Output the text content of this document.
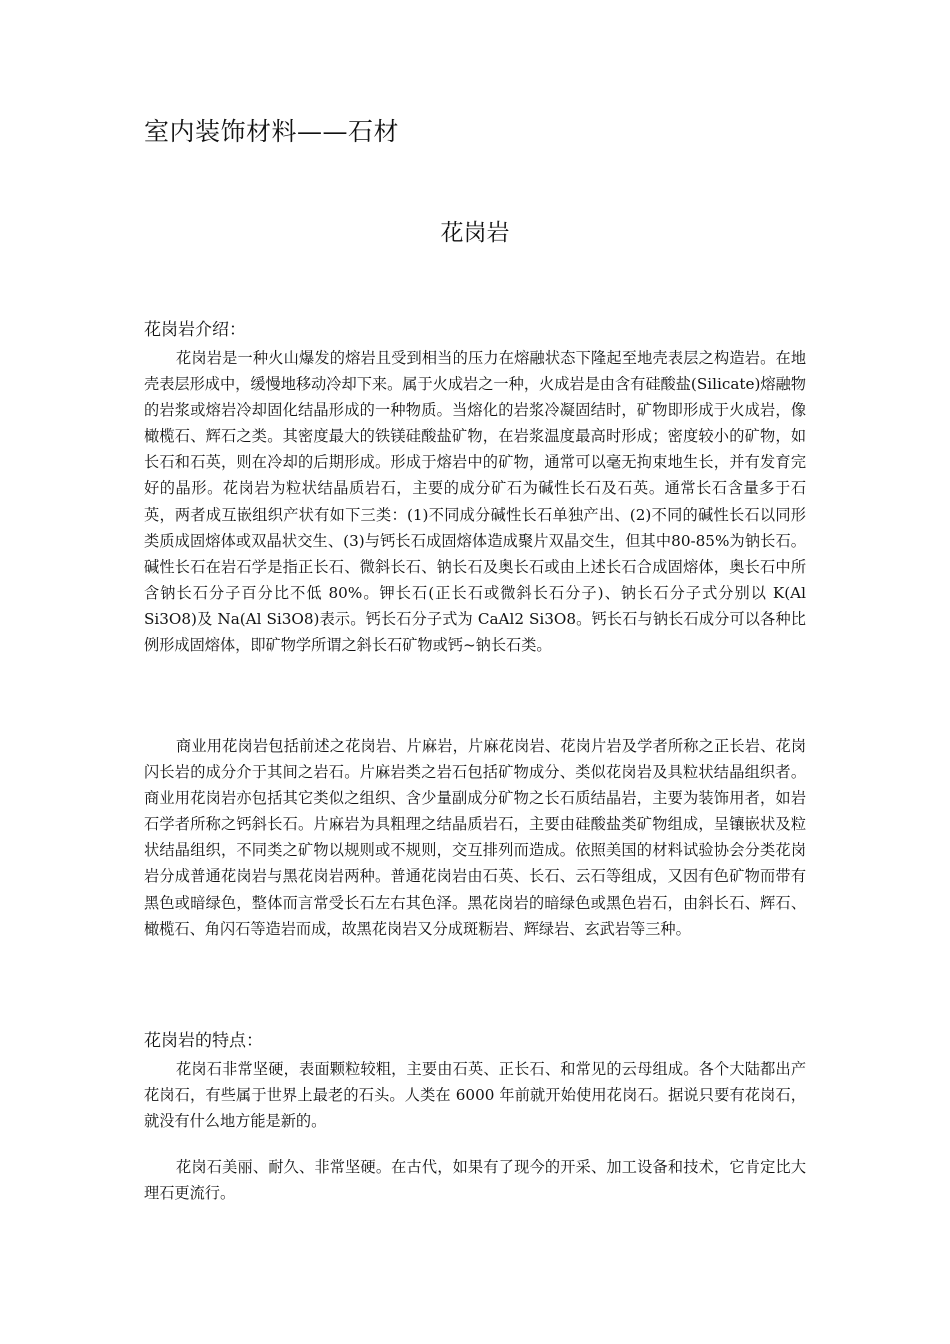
室内装饰材料——石材
花岗岩
花岗岩介绍：

花岗岩是一种火山爆发的熔岩且受到相当的压力在熔融状态下隆起至地壳表层之构造岩。在地壳表层形成中，缓慢地移动冷却下来。属于火成岩之一种，火成岩是由含有硅酸盐(Silicate)熔融物的岩浆或熔岩冷却固化结晶形成的一种物质。当熔化的岩浆冷凝固结时，矿物即形成于火成岩，像橄榄石、辉石之类。其密度最大的铁镁硅酸盐矿物，在岩浆温度最高时形成；密度较小的矿物，如长石和石英，则在冷却的后期形成。形成于熔岩中的矿物，通常可以毫无拘束地生长，并有发育完好的晶形。花岗岩为粒状结晶质岩石，主要的成分矿石为碱性长石及石英。通常长石含量多于石英，两者成互嵌组织产状有如下三类：(1)不同成分碱性长石单独产出、(2)不同的碱性长石以同形类质成固熔体或双晶状交生、(3)与钙长石成固熔体造成聚片双晶交生，但其中80-85%为钠长石。碱性长石在岩石学是指正长石、微斜长石、钠长石及奥长石或由上述长石合成固熔体，奥长石中所含钠长石分子百分比不低 80%。钾长石(正长石或微斜长石分子)、钠长石分子式分别以 K(Al Si3O8)及 Na(Al Si3O8)表示。钙长石分子式为 CaAl2 Si3O8。钙长石与钠长石成分可以各种比例形成固熔体，即矿物学所谓之斜长石矿物或钙~钠长石类。

商业用花岗岩包括前述之花岗岩、片麻岩，片麻花岗岩、花岗片岩及学者所称之正长岩、花岗闪长岩的成分介于其间之岩石。片麻岩类之岩石包括矿物成分、类似花岗岩及具粒状结晶组织者。商业用花岗岩亦包括其它类似之组织、含少量副成分矿物之长石质结晶岩，主要为装饰用者，如岩石学者所称之钙斜长石。片麻岩为具粗理之结晶质岩石，主要由硅酸盐类矿物组成，呈镶嵌状及粒状结晶组织，不同类之矿物以规则或不规则，交互排列而造成。依照美国的材料试验协会分类花岗岩分成普通花岗岩与黑花岗岩两种。普通花岗岩由石英、长石、云石等组成，又因有色矿物而带有黑色或暗绿色，整体而言常受长石左右其色泽。黑花岗岩的暗绿色或黑色岩石，由斜长石、辉石、橄榄石、角闪石等造岩而成，故黑花岗岩又分成斑粝岩、辉绿岩、玄武岩等三种。

花岗岩的特点：

花岗石非常坚硬，表面颗粒较粗，主要由石英、正长石、和常见的云母组成。各个大陆都出产花岗石，有些属于世界上最老的石头。人类在 6000 年前就开始使用花岗石。据说只要有花岗石，就没有什么地方能是新的。

花岗石美丽、耐久、非常坚硬。在古代，如果有了现今的开采、加工设备和技术，它肯定比大理石更流行。
